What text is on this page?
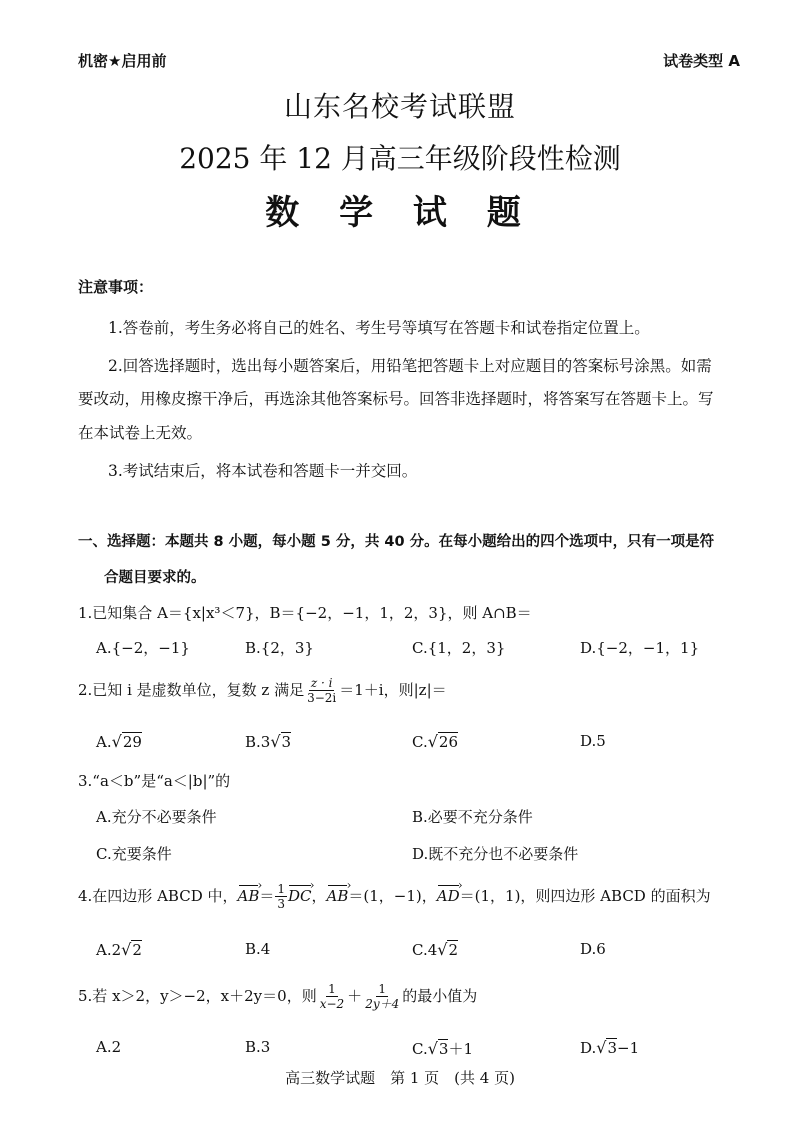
机密★启用前	试卷类型 A
山东名校考试联盟
2025 年 12 月高三年级阶段性检测
数 学 试 题
注意事项：
1.答卷前，考生务必将自己的姓名、考生号等填写在答题卡和试卷指定位置上。
2.回答选择题时，选出每小题答案后，用铅笔把答题卡上对应题目的答案标号涂黑。如需
要改动，用橡皮擦干净后，再选涂其他答案标号。回答非选择题时，将答案写在答题卡上。写
在本试卷上无效。
3.考试结束后，将本试卷和答题卡一并交回。
一、选择题：本题共 8 小题，每小题 5 分，共 40 分。在每小题给出的四个选项中，只有一项是符
合题目要求的。
1.已知集合 A＝{x|x³＜7}，B＝{−2，−1，1，2，3}，则 A∩B＝
A.{−2，−1}	B.{2，3}	C.{1，2，3}	D.{−2，−1，1}
2.已知 i 是虚数单位，复数 z 满足 $\frac{z \cdot i}{3-2i} =1+i$，则|z|＝
A.√29	B.3√3	C.√26	D.5
3.“a＜b”是“a＜|b|”的
A.充分不必要条件	B.必要不充分条件
C.充要条件	D.既不充分也不必要条件
4.在四边形 ABCD 中，AB ›＝ $\frac{1}{3}$ DC ›，AB ›＝(1，−1)，AD ›＝(1，1)，则四边形 ABCD 的面积为
A.2√2	B.4	C.4√2	D.6
5.若 x＞2，y＞−2，x＋2y＝0，则 $\frac{1}{x-2} + \frac{1}{2y+4}$ 的最小值为
A.2	B.3	C.√3＋1	D.√3−1
高三数学试题　第 1 页　(共 4 页)
